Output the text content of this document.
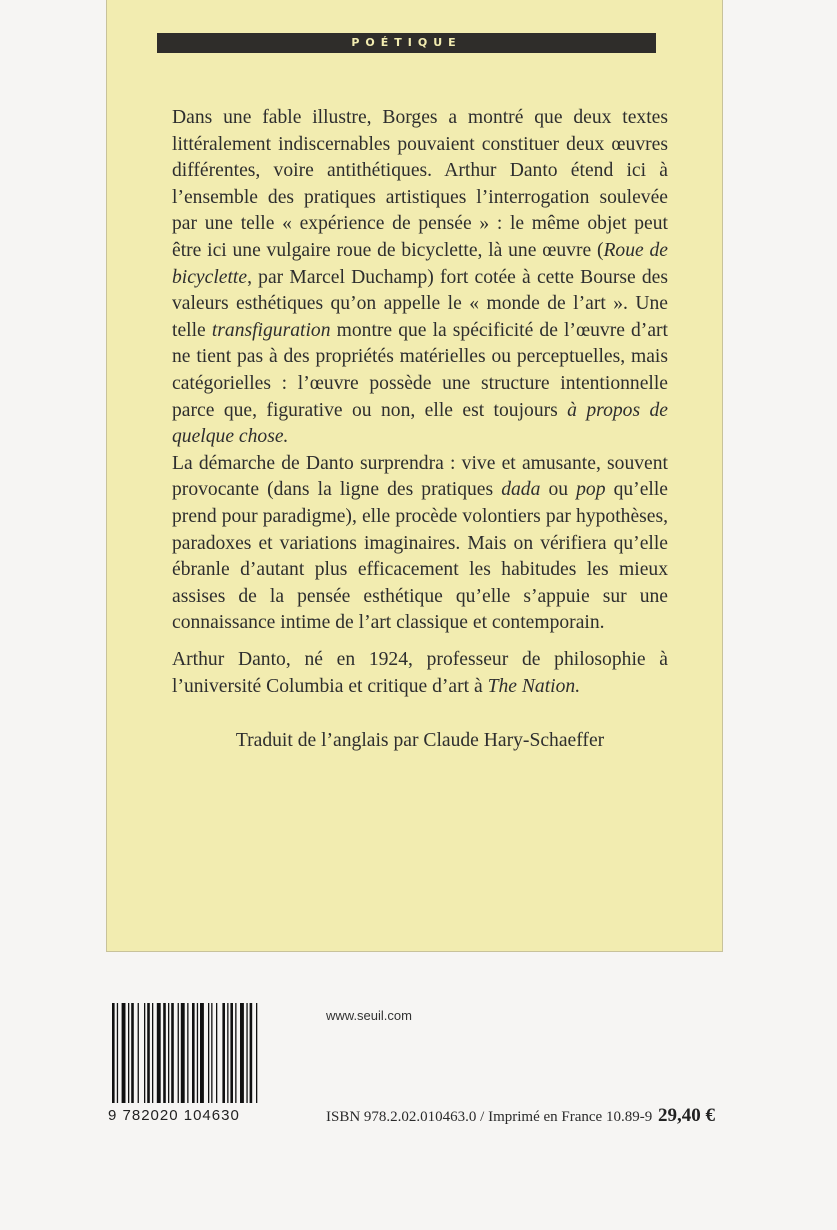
POÉTIQUE

Dans une fable illustre, Borges a montré que deux textes littéralement indiscernables pouvaient constituer deux œuvres différentes, voire antithétiques. Arthur Danto étend ici à l’ensemble des pratiques artistiques l’interrogation soulevée par une telle « expérience de pensée » : le même objet peut être ici une vulgaire roue de bicyclette, là une œuvre (Roue de bicyclette, par Marcel Duchamp) fort cotée à cette Bourse des valeurs esthétiques qu’on appelle le « monde de l’art ». Une telle transfiguration montre que la spécificité de l’œuvre d’art ne tient pas à des propriétés matérielles ou perceptuelles, mais catégorielles : l’œuvre possède une structure intentionnelle parce que, figurative ou non, elle est toujours à propos de quelque chose.

La démarche de Danto surprendra : vive et amusante, souvent provocante (dans la ligne des pratiques dada ou pop qu’elle prend pour paradigme), elle procède volontiers par hypothèses, paradoxes et variations imaginaires. Mais on vérifiera qu’elle ébranle d’autant plus efficacement les habitudes les mieux assises de la pensée esthétique qu’elle s’appuie sur une connaissance intime de l’art classique et contemporain.

Arthur Danto, né en 1924, professeur de philosophie à l’université Columbia et critique d’art à The Nation.

Traduit de l’anglais par Claude Hary-Schaeffer
www.seuil.com
9 782020 104630	ISBN 978.2.02.010463.0 / Imprimé en France 10.89-9 29,40 €
